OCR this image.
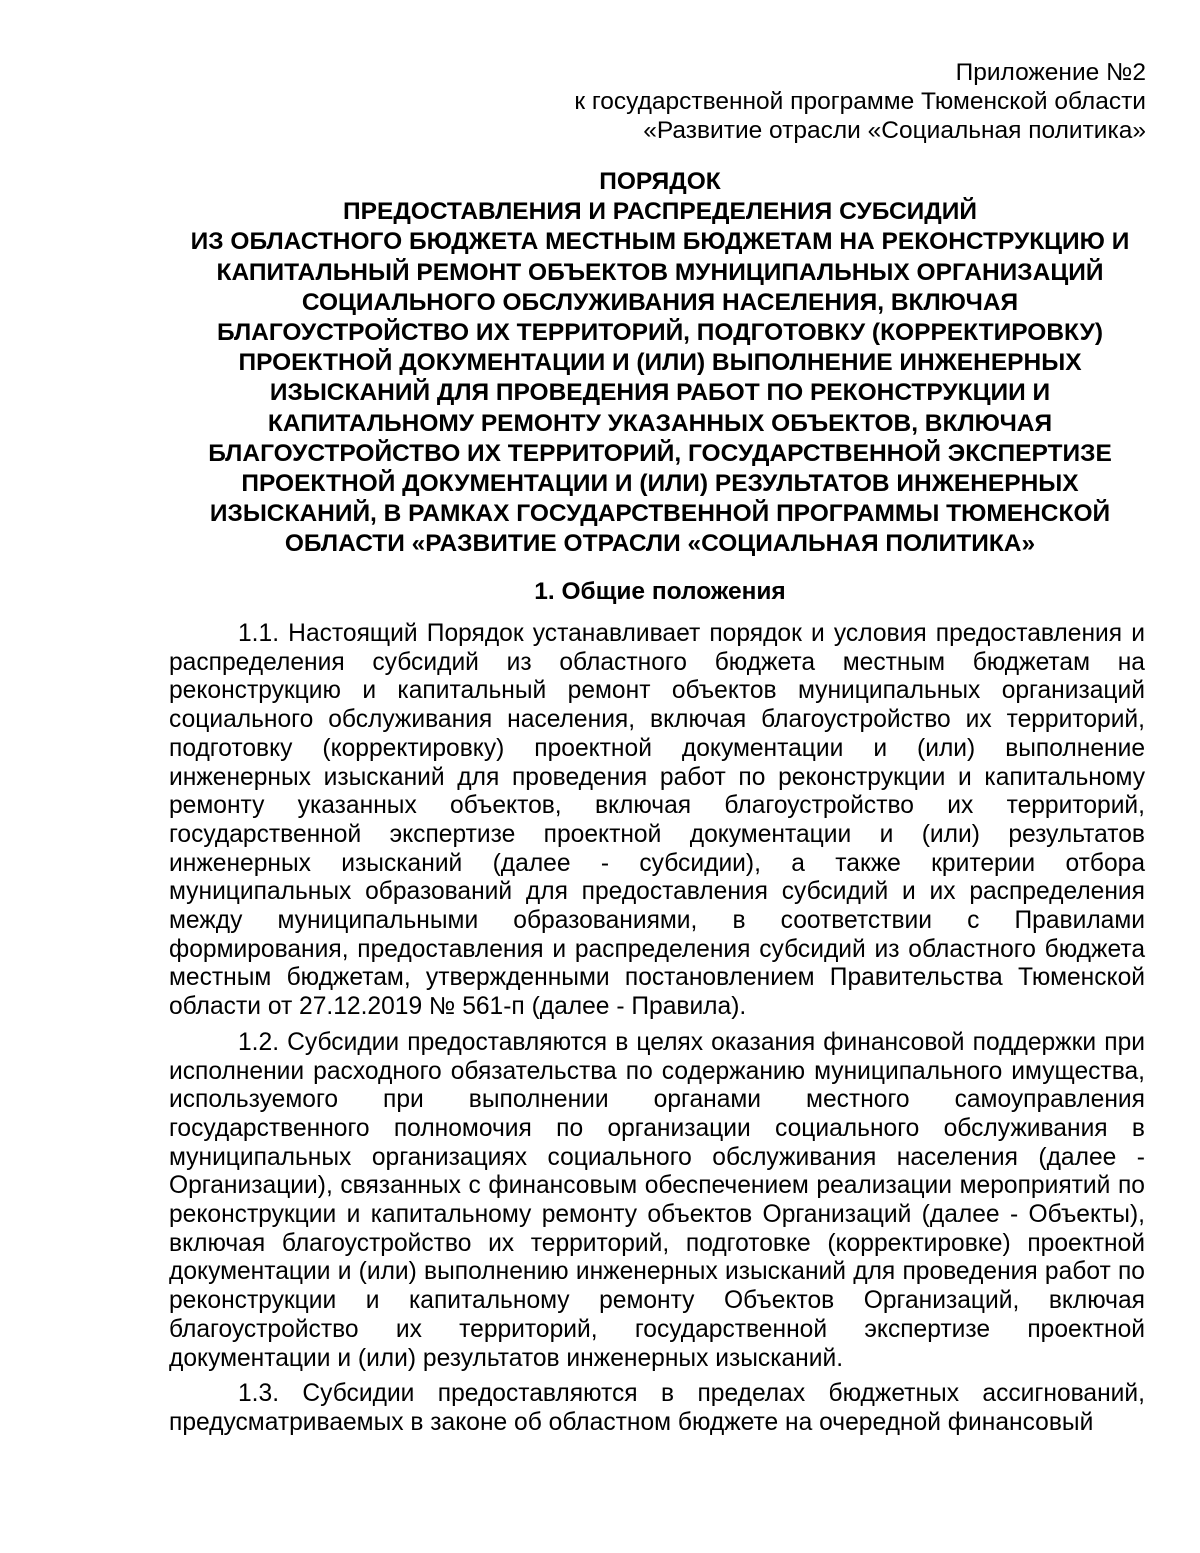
Приложение №2
к государственной программе Тюменской области
«Развитие отрасли «Социальная политика»
ПОРЯДОК
ПРЕДОСТАВЛЕНИЯ И РАСПРЕДЕЛЕНИЯ СУБСИДИЙ
ИЗ ОБЛАСТНОГО БЮДЖЕТА МЕСТНЫМ БЮДЖЕТАМ НА РЕКОНСТРУКЦИЮ И
КАПИТАЛЬНЫЙ РЕМОНТ ОБЪЕКТОВ МУНИЦИПАЛЬНЫХ ОРГАНИЗАЦИЙ
СОЦИАЛЬНОГО ОБСЛУЖИВАНИЯ НАСЕЛЕНИЯ, ВКЛЮЧАЯ
БЛАГОУСТРОЙСТВО ИХ ТЕРРИТОРИЙ, ПОДГОТОВКУ (КОРРЕКТИРОВКУ)
ПРОЕКТНОЙ ДОКУМЕНТАЦИИ И (ИЛИ) ВЫПОЛНЕНИЕ ИНЖЕНЕРНЫХ
ИЗЫСКАНИЙ ДЛЯ ПРОВЕДЕНИЯ РАБОТ ПО РЕКОНСТРУКЦИИ И
КАПИТАЛЬНОМУ РЕМОНТУ УКАЗАННЫХ ОБЪЕКТОВ, ВКЛЮЧАЯ
БЛАГОУСТРОЙСТВО ИХ ТЕРРИТОРИЙ, ГОСУДАРСТВЕННОЙ ЭКСПЕРТИЗЕ
ПРОЕКТНОЙ ДОКУМЕНТАЦИИ И (ИЛИ) РЕЗУЛЬТАТОВ ИНЖЕНЕРНЫХ
ИЗЫСКАНИЙ, В РАМКАХ ГОСУДАРСТВЕННОЙ ПРОГРАММЫ ТЮМЕНСКОЙ
ОБЛАСТИ «РАЗВИТИЕ ОТРАСЛИ «СОЦИАЛЬНАЯ ПОЛИТИКА»
1. Общие положения

1.1. Настоящий Порядок устанавливает порядок и условия предоставления и распределения субсидий из областного бюджета местным бюджетам на реконструкцию и капитальный ремонт объектов муниципальных организаций социального обслуживания населения, включая благоустройство их территорий, подготовку (корректировку) проектной документации и (или) выполнение инженерных изысканий для проведения работ по реконструкции и капитальному ремонту указанных объектов, включая благоустройство их территорий, государственной экспертизе проектной документации и (или) результатов инженерных изысканий (далее - субсидии), а также критерии отбора муниципальных образований для предоставления субсидий и их распределения между муниципальными образованиями, в соответствии с Правилами формирования, предоставления и распределения субсидий из областного бюджета местным бюджетам, утвержденными постановлением Правительства Тюменской области от 27.12.2019 № 561-п (далее - Правила).

1.2. Субсидии предоставляются в целях оказания финансовой поддержки при исполнении расходного обязательства по содержанию муниципального имущества, используемого при выполнении органами местного самоуправления государственного полномочия по организации социального обслуживания в муниципальных организациях социального обслуживания населения (далее - Организации), связанных с финансовым обеспечением реализации мероприятий по реконструкции и капитальному ремонту объектов Организаций (далее - Объекты), включая благоустройство их территорий, подготовке (корректировке) проектной документации и (или) выполнению инженерных изысканий для проведения работ по реконструкции и капитальному ремонту Объектов Организаций, включая благоустройство их территорий, государственной экспертизе проектной документации и (или) результатов инженерных изысканий.

1.3. Субсидии предоставляются в пределах бюджетных ассигнований, предусматриваемых в законе об областном бюджете на очередной финансовый
